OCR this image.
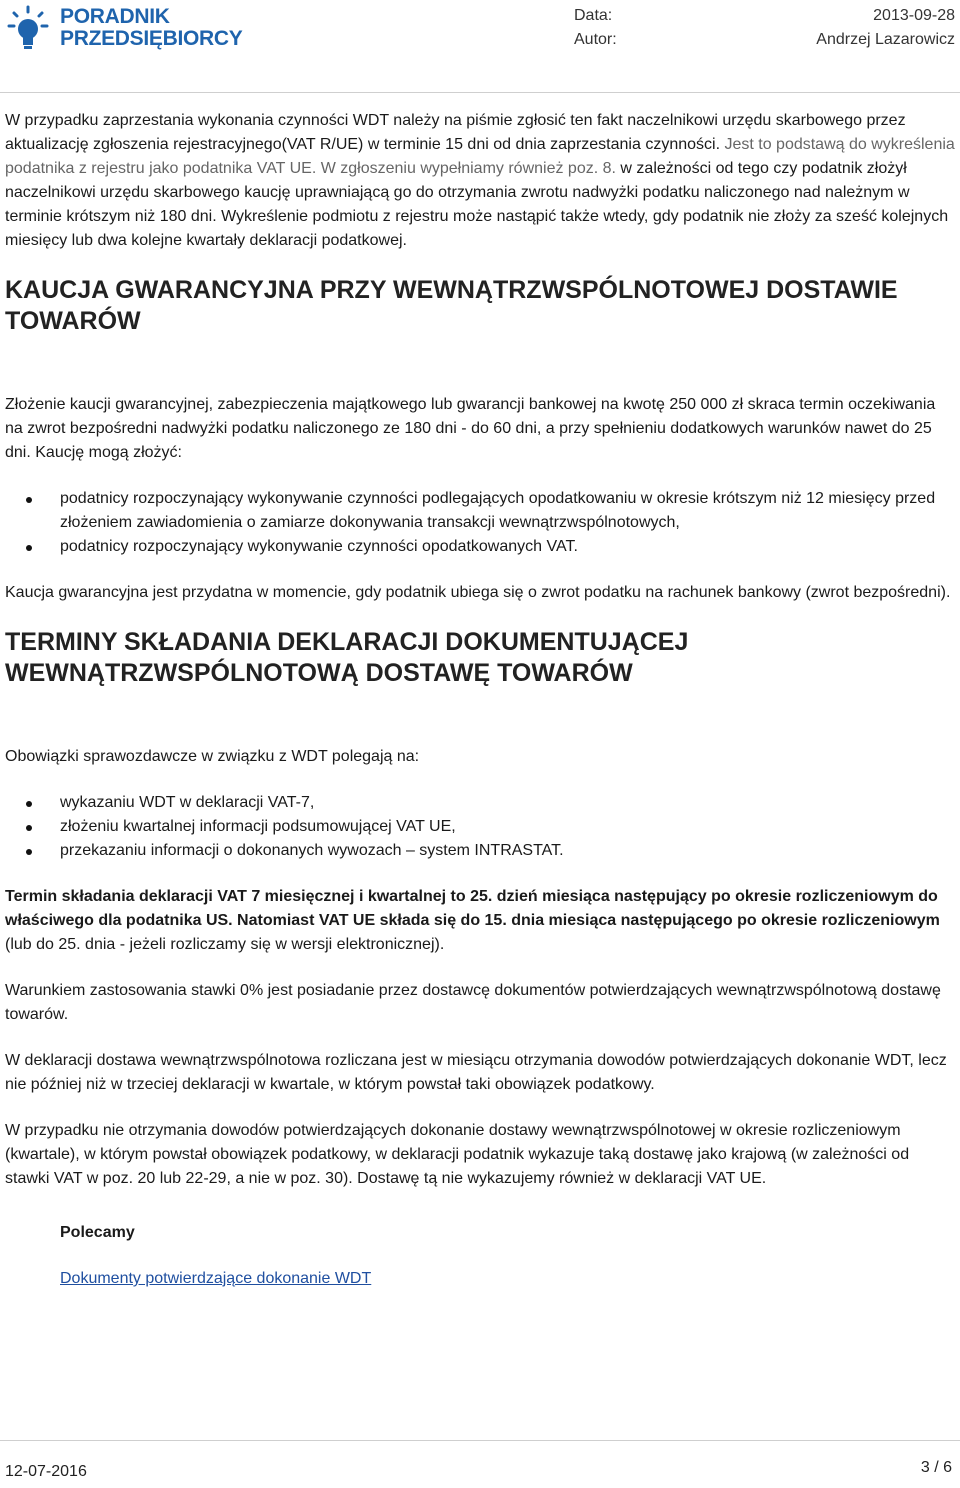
PORADNIK
PRZEDSIĘBIORCY
Data:	2013-09-28
Autor:	Andrzej Lazarowicz

W przypadku zaprzestania wykonania czynności WDT należy na piśmie zgłosić ten fakt naczelnikowi urzędu skarbowego przez aktualizację zgłoszenia rejestracyjnego(VAT R/UE) w terminie 15 dni od dnia zaprzestania czynności. Jest to podstawą do wykreślenia podatnika z rejestru jako podatnika VAT UE. W zgłoszeniu wypełniamy również poz. 8. w zależności od tego czy podatnik złożył naczelnikowi urzędu skarbowego kaucję uprawniającą go do otrzymania zwrotu nadwyżki podatku naliczonego nad należnym w terminie krótszym niż 180 dni. Wykreślenie podmiotu z rejestru może nastąpić także wtedy, gdy podatnik nie złoży za sześć kolejnych miesięcy lub dwa kolejne kwartały deklaracji podatkowej.

KAUCJA GWARANCYJNA PRZY WEWNĄTRZWSPÓLNOTOWEJ DOSTAWIE TOWARÓW

Złożenie kaucji gwarancyjnej, zabezpieczenia majątkowego lub gwarancji bankowej na kwotę 250 000 zł skraca termin oczekiwania na zwrot bezpośredni nadwyżki podatku naliczonego ze 180 dni - do 60 dni, a przy spełnieniu dodatkowych warunków nawet do 25 dni. Kaucję mogą złożyć:

podatnicy rozpoczynający wykonywanie czynności podlegających opodatkowaniu w okresie krótszym niż 12 miesięcy przed złożeniem zawiadomienia o zamiarze dokonywania transakcji wewnątrzwspólnotowych,
podatnicy rozpoczynający wykonywanie czynności opodatkowanych VAT.

Kaucja gwarancyjna jest przydatna w momencie, gdy podatnik ubiega się o zwrot podatku na rachunek bankowy (zwrot bezpośredni).

TERMINY SKŁADANIA DEKLARACJI DOKUMENTUJĄCEJ WEWNĄTRZWSPÓLNOTOWĄ DOSTAWĘ TOWARÓW

Obowiązki sprawozdawcze w związku z WDT polegają na:

wykazaniu WDT w deklaracji VAT-7,
złożeniu kwartalnej informacji podsumowującej VAT UE,
przekazaniu informacji o dokonanych wywozach – system INTRASTAT.

Termin składania deklaracji VAT 7 miesięcznej i kwartalnej to 25. dzień miesiąca następujący po okresie rozliczeniowym do właściwego dla podatnika US. Natomiast VAT UE składa się do 15. dnia miesiąca następującego po okresie rozliczeniowym (lub do 25. dnia - jeżeli rozliczamy się w wersji elektronicznej).

Warunkiem zastosowania stawki 0% jest posiadanie przez dostawcę dokumentów potwierdzających wewnątrzwspólnotową dostawę towarów.

W deklaracji dostawa wewnątrzwspólnotowa rozliczana jest w miesiącu otrzymania dowodów potwierdzających dokonanie WDT, lecz nie później niż w trzeciej deklaracji w kwartale, w którym powstał taki obowiązek podatkowy.

W przypadku nie otrzymania dowodów potwierdzających dokonanie dostawy wewnątrzwspólnotowej w okresie rozliczeniowym (kwartale), w którym powstał obowiązek podatkowy, w deklaracji podatnik wykazuje taką dostawę jako krajową (w zależności od stawki VAT w poz. 20 lub 22-29, a nie w poz. 30). Dostawę tą nie wykazujemy również w deklaracji VAT UE.

Polecamy

Dokumenty potwierdzające dokonanie WDT

12-07-2016	3 / 6
